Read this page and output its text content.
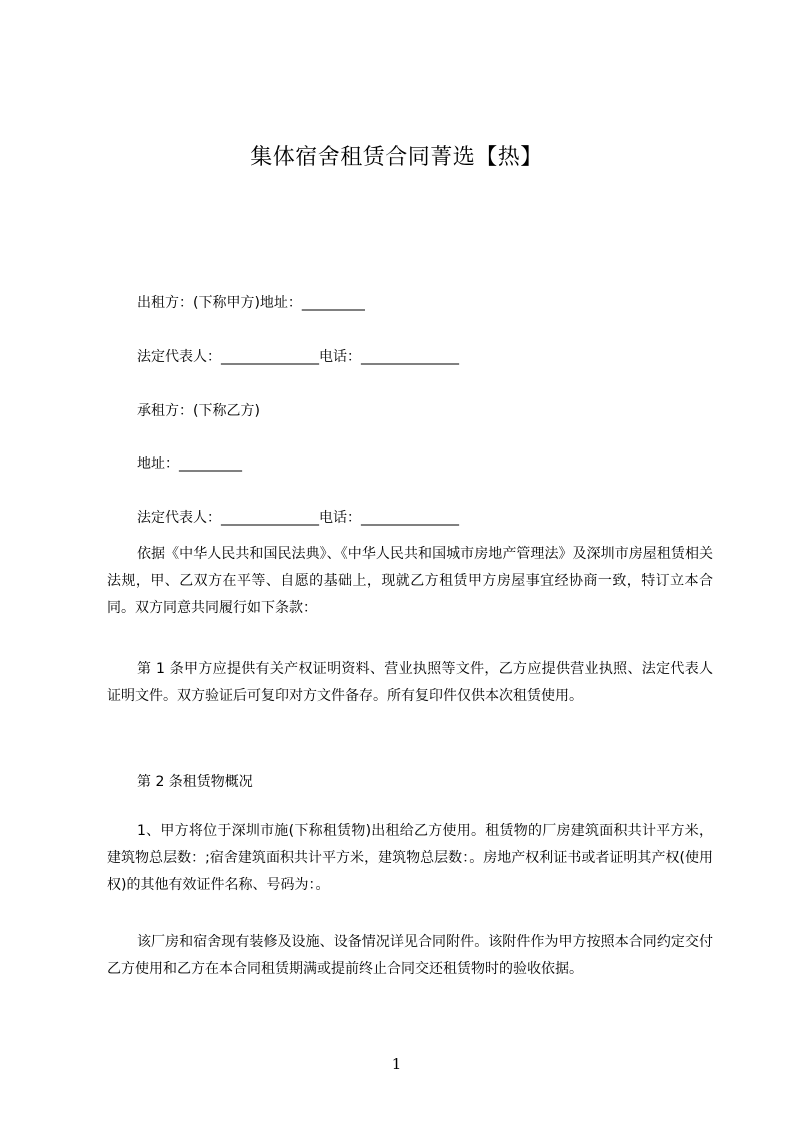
集体宿舍租赁合同菁选【热】
出租方：(下称甲方)地址：_________
法定代表人：______________电话：______________
承租方：(下称乙方)
地址：_________
法定代表人：______________电话：______________
依据《中华人民共和国民法典》、《中华人民共和国城市房地产管理法》及深圳市房屋租赁相关法规，甲、乙双方在平等、自愿的基础上，现就乙方租赁甲方房屋事宜经协商一致，特订立本合同。双方同意共同履行如下条款：
第 1 条甲方应提供有关产权证明资料、营业执照等文件，乙方应提供营业执照、法定代表人证明文件。双方验证后可复印对方文件备存。所有复印件仅供本次租赁使用。
第 2 条租赁物概况
1、甲方将位于深圳市施(下称租赁物)出租给乙方使用。租赁物的厂房建筑面积共计平方米，建筑物总层数：;宿舍建筑面积共计平方米，建筑物总层数：。房地产权利证书或者证明其产权(使用权)的其他有效证件名称、号码为：。
该厂房和宿舍现有装修及设施、设备情况详见合同附件。该附件作为甲方按照本合同约定交付乙方使用和乙方在本合同租赁期满或提前终止合同交还租赁物时的验收依据。
1
